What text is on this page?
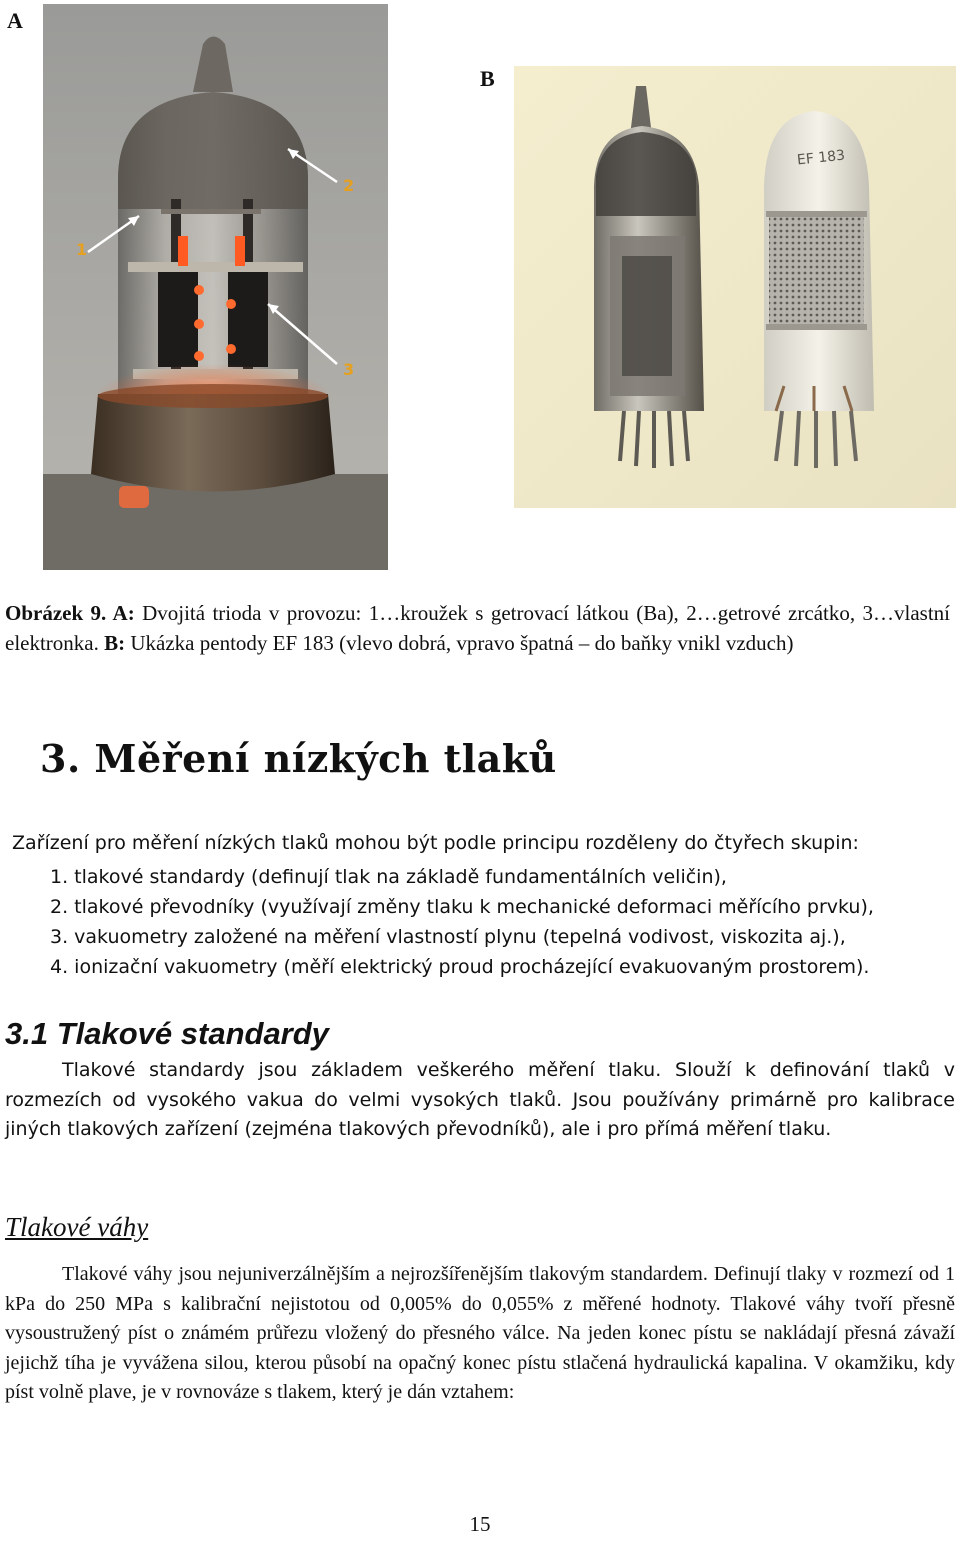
A
B
1
2
3
EF 183
Obrázek 9. A: Dvojitá trioda v provozu: 1…kroužek s getrovací látkou (Ba), 2…getrové zrcátko, 3…vlastní elektronka. B: Ukázka pentody EF 183 (vlevo dobrá, vpravo špatná – do baňky vnikl vzduch)
3. Měření nízkých tlaků
Zařízení pro měření nízkých tlaků mohou být podle principu rozděleny do čtyřech skupin:
1. tlakové standardy (definují tlak na základě fundamentálních veličin),
2. tlakové převodníky (využívají změny tlaku k mechanické deformaci měřícího prvku),
3. vakuometry založené na měření vlastností plynu (tepelná vodivost, viskozita aj.),
4. ionizační vakuometry (měří elektrický proud procházející evakuovaným prostorem).
3.1 Tlakové standardy
Tlakové standardy jsou základem veškerého měření tlaku. Slouží k definování tlaků v rozmezích od vysokého vakua do velmi vysokých tlaků. Jsou používány primárně pro kalibrace jiných tlakových zařízení (zejména tlakových převodníků), ale i pro přímá měření tlaku.
Tlakové váhy
Tlakové váhy jsou nejuniverzálnějším a nejrozšířenějším tlakovým standardem. Definují tlaky v rozmezí od 1 kPa do 250 MPa s kalibrační nejistotou od 0,005% do 0,055% z měřené hodnoty. Tlakové váhy tvoří přesně vysoustružený píst o známém průřezu vložený do přesného válce. Na jeden konec pístu se nakládají přesná závaží jejichž tíha je vyvážena silou, kterou působí na opačný konec pístu stlačená hydraulická kapalina. V okamžiku, kdy píst volně plave, je v rovnováze s tlakem, který je dán vztahem:
15
